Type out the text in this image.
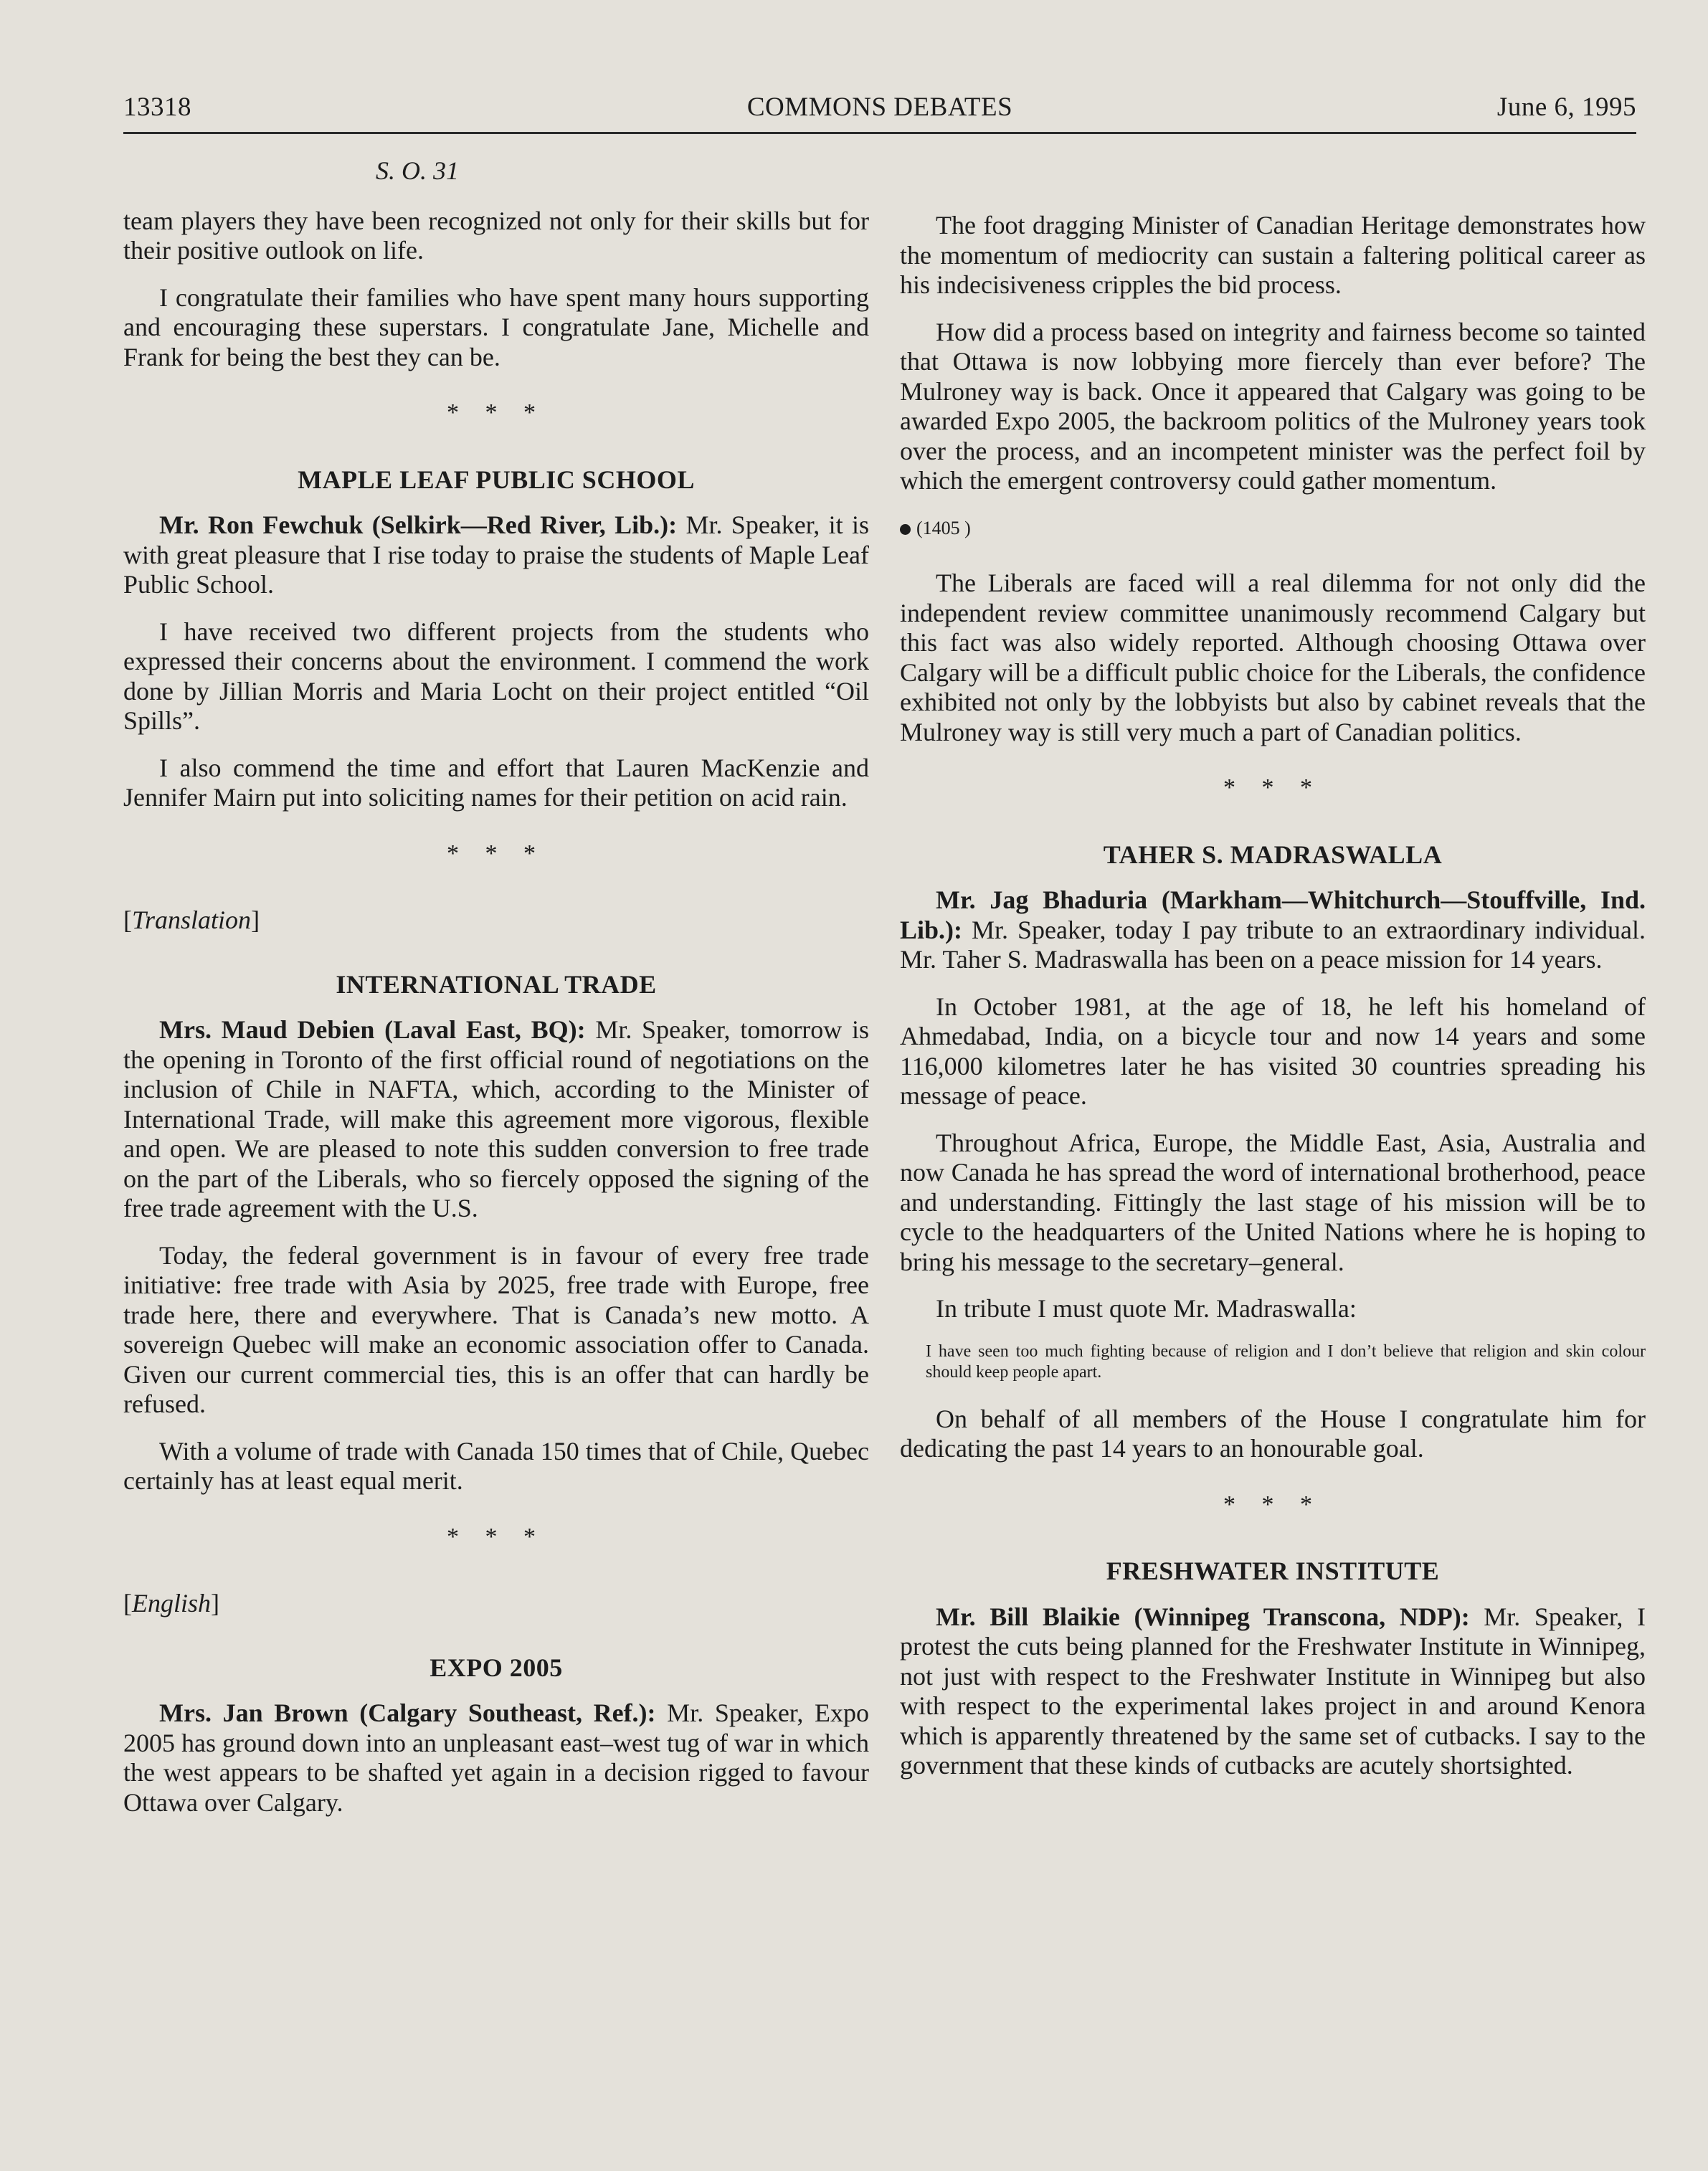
13318	COMMONS DEBATES	June 6, 1995
S. O. 31

team players they have been recognized not only for their skills but for their positive outlook on life.

I congratulate their families who have spent many hours supporting and encouraging these superstars. I congratulate Jane, Michelle and Frank for being the best they can be.

* * *
MAPLE LEAF PUBLIC SCHOOL

Mr. Ron Fewchuk (Selkirk—Red River, Lib.): Mr. Speaker, it is with great pleasure that I rise today to praise the students of Maple Leaf Public School.

I have received two different projects from the students who expressed their concerns about the environment. I commend the work done by Jillian Morris and Maria Locht on their project entitled “Oil Spills”.

I also commend the time and effort that Lauren MacKenzie and Jennifer Mairn put into soliciting names for their petition on acid rain.

* * *
[Translation]
INTERNATIONAL TRADE

Mrs. Maud Debien (Laval East, BQ): Mr. Speaker, tomorrow is the opening in Toronto of the first official round of negotiations on the inclusion of Chile in NAFTA, which, according to the Minister of International Trade, will make this agreement more vigorous, flexible and open. We are pleased to note this sudden conversion to free trade on the part of the Liberals, who so fiercely opposed the signing of the free trade agreement with the U.S.

Today, the federal government is in favour of every free trade initiative: free trade with Asia by 2025, free trade with Europe, free trade here, there and everywhere. That is Canada’s new motto. A sovereign Quebec will make an economic association offer to Canada. Given our current commercial ties, this is an offer that can hardly be refused.

With a volume of trade with Canada 150 times that of Chile, Quebec certainly has at least equal merit.

* * *
[English]
EXPO 2005

Mrs. Jan Brown (Calgary Southeast, Ref.): Mr. Speaker, Expo 2005 has ground down into an unpleasant east–west tug of war in which the west appears to be shafted yet again in a decision rigged to favour Ottawa over Calgary.

The foot dragging Minister of Canadian Heritage demonstrates how the momentum of mediocrity can sustain a faltering political career as his indecisiveness cripples the bid process.

How did a process based on integrity and fairness become so tainted that Ottawa is now lobbying more fiercely than ever before? The Mulroney way is back. Once it appeared that Calgary was going to be awarded Expo 2005, the backroom politics of the Mulroney years took over the process, and an incompetent minister was the perfect foil by which the emergent controversy could gather momentum.

(1405 )

The Liberals are faced will a real dilemma for not only did the independent review committee unanimously recommend Calgary but this fact was also widely reported. Although choosing Ottawa over Calgary will be a difficult public choice for the Liberals, the confidence exhibited not only by the lobbyists but also by cabinet reveals that the Mulroney way is still very much a part of Canadian politics.

* * *
TAHER S. MADRASWALLA

Mr. Jag Bhaduria (Markham—Whitchurch—Stouffville, Ind. Lib.): Mr. Speaker, today I pay tribute to an extraordinary individual. Mr. Taher S. Madraswalla has been on a peace mission for 14 years.

In October 1981, at the age of 18, he left his homeland of Ahmedabad, India, on a bicycle tour and now 14 years and some 116,000 kilometres later he has visited 30 countries spreading his message of peace.

Throughout Africa, Europe, the Middle East, Asia, Australia and now Canada he has spread the word of international brotherhood, peace and understanding. Fittingly the last stage of his mission will be to cycle to the headquarters of the United Nations where he is hoping to bring his message to the secretary–general.

In tribute I must quote Mr. Madraswalla:

I have seen too much fighting because of religion and I don’t believe that religion and skin colour should keep people apart.

On behalf of all members of the House I congratulate him for dedicating the past 14 years to an honourable goal.

* * *
FRESHWATER INSTITUTE

Mr. Bill Blaikie (Winnipeg Transcona, NDP): Mr. Speaker, I protest the cuts being planned for the Freshwater Institute in Winnipeg, not just with respect to the Freshwater Institute in Winnipeg but also with respect to the experimental lakes project in and around Kenora which is apparently threatened by the same set of cutbacks. I say to the government that these kinds of cutbacks are acutely shortsighted.
